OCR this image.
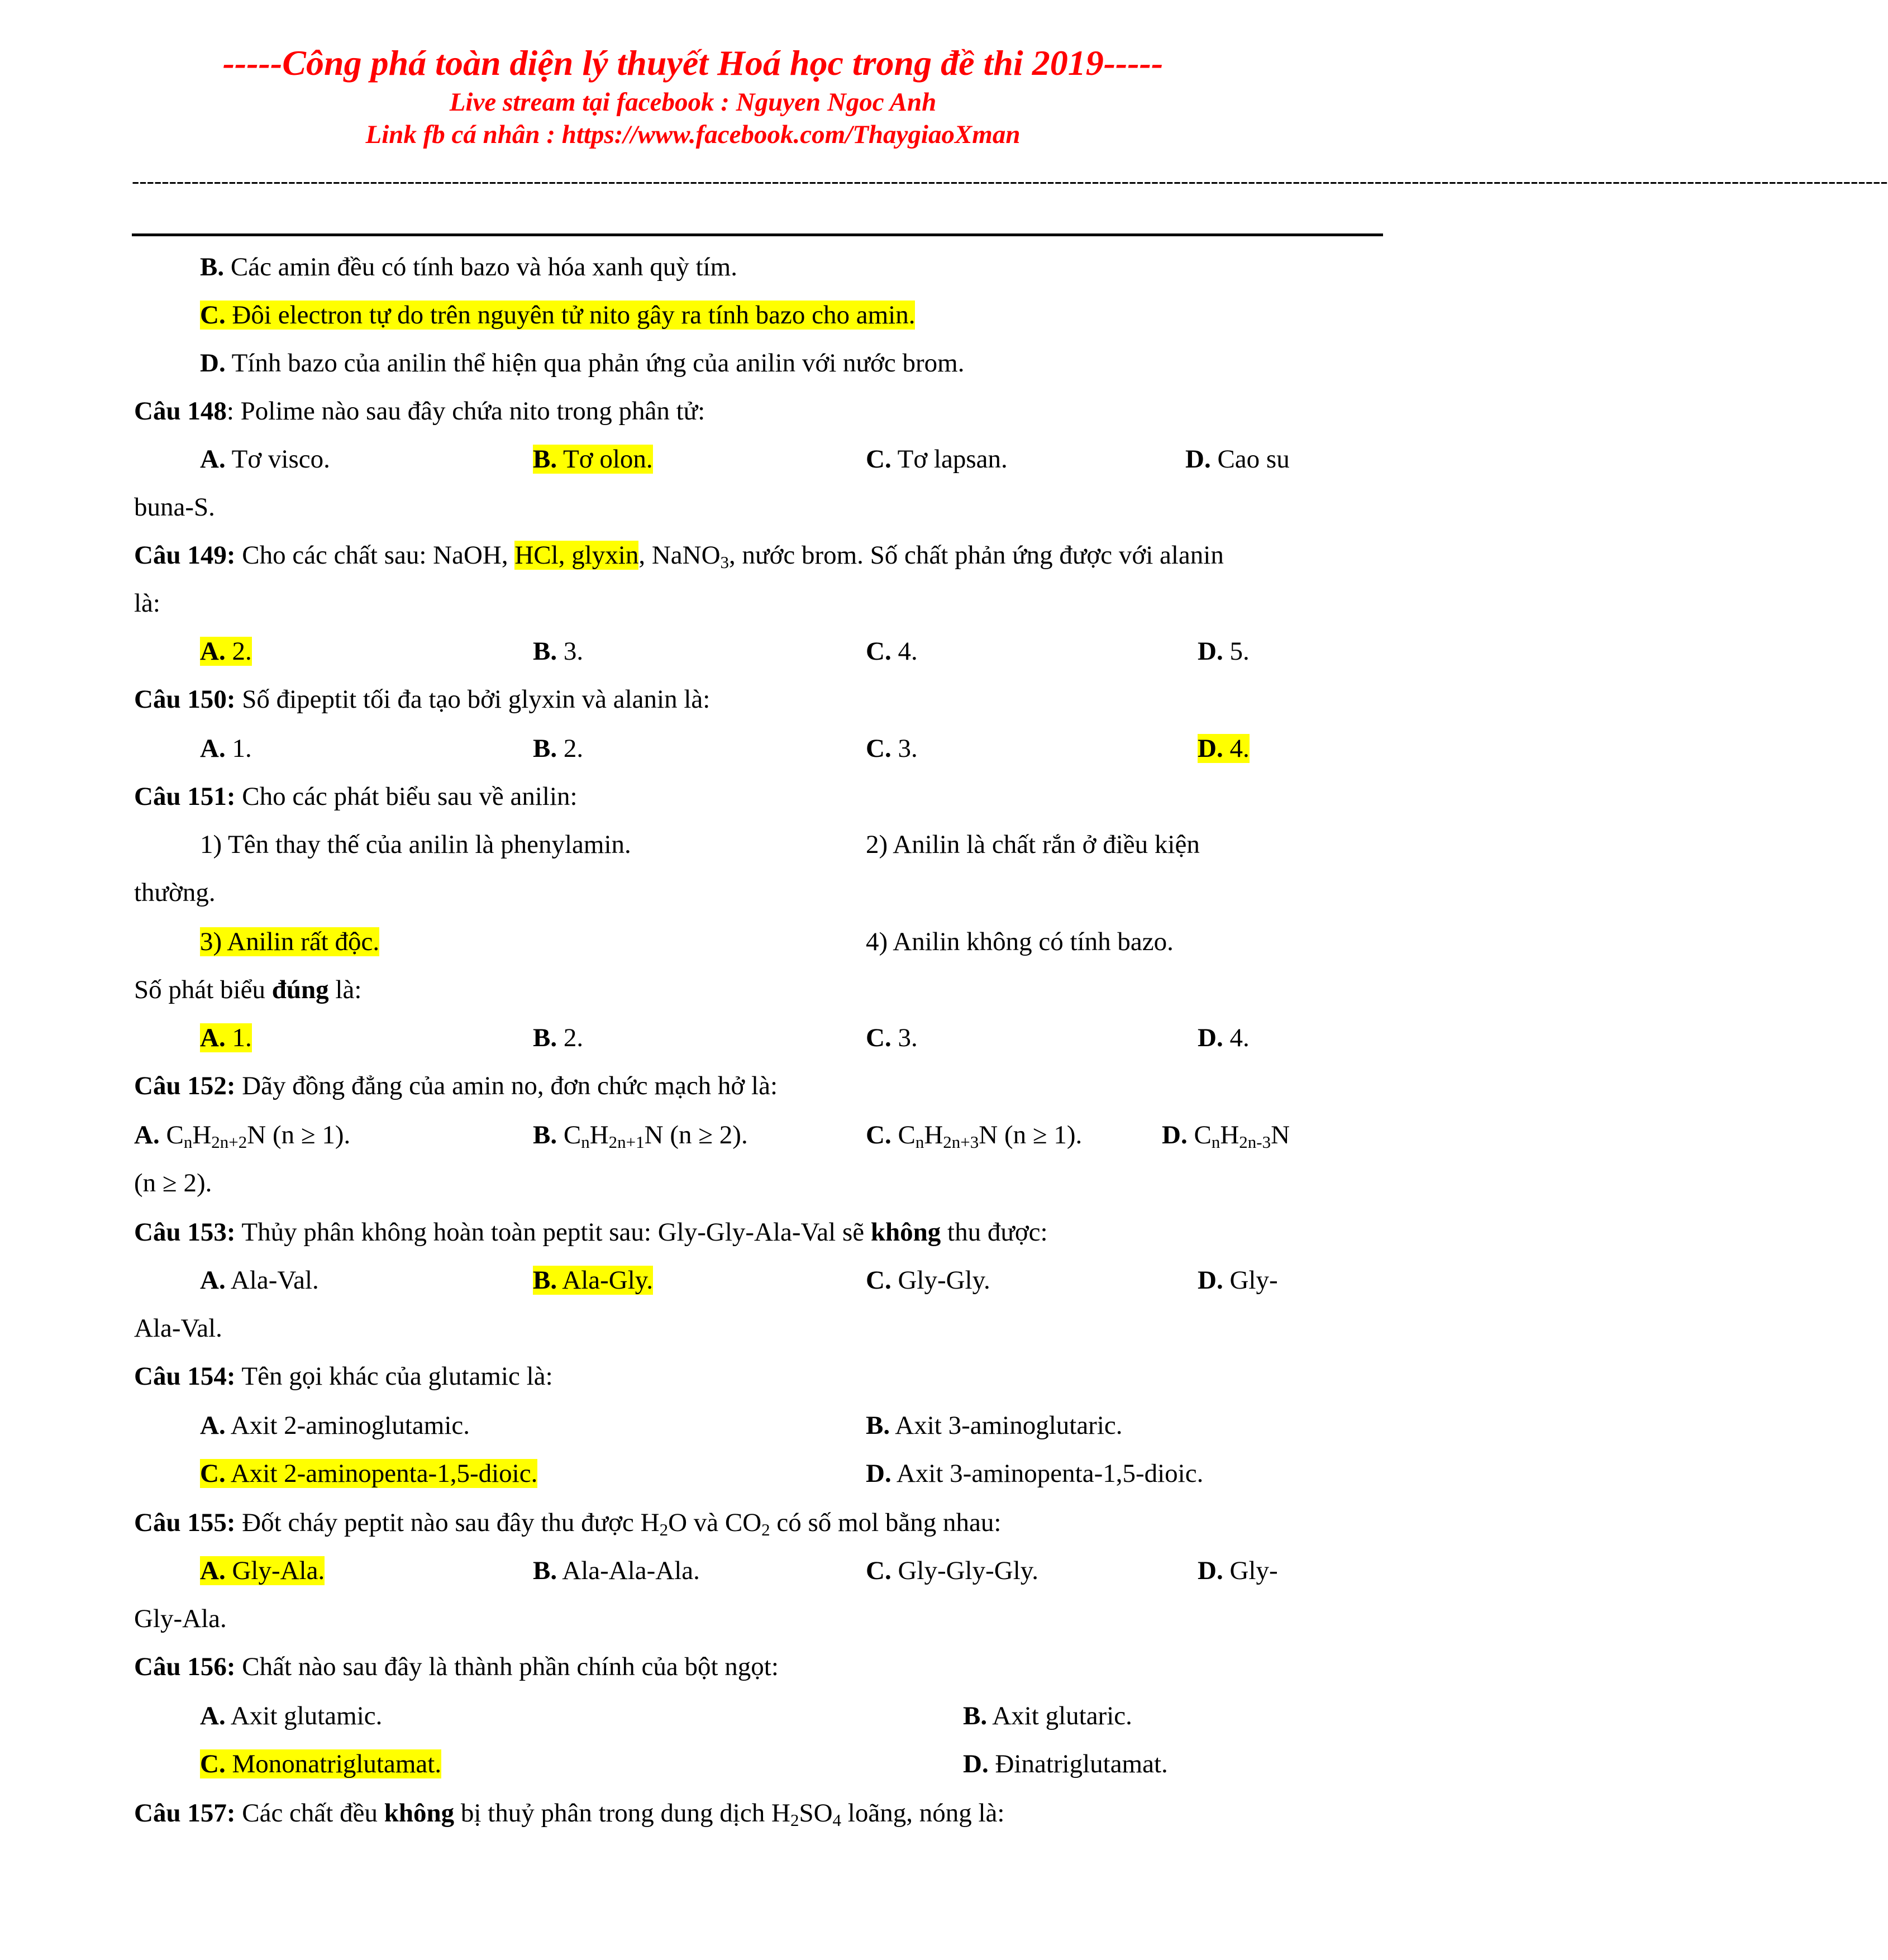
-----Công phá toàn diện lý thuyết Hoá học trong đề thi 2019-----
Live stream tại facebook : Nguyen Ngoc Anh
Link fb cá nhân : https://www.facebook.com/ThaygiaoXman
--------------------------------------------------------------------------------------------------------------------------------------------------------------------------------------------------------------------------------------------
B. Các amin đều có tính bazo và hóa xanh quỳ tím.
C. Đôi electron tự do trên nguyên tử nito gây ra tính bazo cho amin.
D. Tính bazo của anilin thể hiện qua phản ứng của anilin với nước brom.
Câu 148: Polime nào sau đây chứa nito trong phân tử:
A. Tơ visco.	B. Tơ olon.	C. Tơ lapsan.	D. Cao su
buna-S.
Câu 149: Cho các chất sau: NaOH, HCl, glyxin, NaNO$_3$, nước brom. Số chất phản ứng được với alanin
là:
A. 2.	B. 3.	C. 4.	D. 5.
Câu 150: Số đipeptit tối đa tạo bởi glyxin và alanin là:
A. 1.	B. 2.	C. 3.	D. 4.
Câu 151: Cho các phát biểu sau về anilin:
1) Tên thay thế của anilin là phenylamin.	2) Anilin là chất rắn ở điều kiện
thường.
3) Anilin rất độc.	4) Anilin không có tính bazo.
Số phát biểu đúng là:
A. 1.	B. 2.	C. 3.	D. 4.
Câu 152: Dãy đồng đẳng của amin no, đơn chức mạch hở là:
A. $C_nH_{2n+2}N$ (n ≥ 1).	B. $C_nH_{2n+1}N$ (n ≥ 2).	C. $C_nH_{2n+3}N$ (n ≥ 1).	D. $C_nH_{2n-3}N$
(n ≥ 2).
Câu 153: Thủy phân không hoàn toàn peptit sau: Gly-Gly-Ala-Val sẽ không thu được:
A. Ala-Val.	B. Ala-Gly.	C. Gly-Gly.	D. Gly-
Ala-Val.
Câu 154: Tên gọi khác của glutamic là:
A. Axit 2-aminoglutamic.	B. Axit 3-aminoglutaric.
C. Axit 2-aminopenta-1,5-dioic.	D. Axit 3-aminopenta-1,5-dioic.
Câu 155: Đốt cháy peptit nào sau đây thu được $H_2O$ và $CO_2$ có số mol bằng nhau:
A. Gly-Ala.	B. Ala-Ala-Ala.	C. Gly-Gly-Gly.	D. Gly-
Gly-Ala.
Câu 156: Chất nào sau đây là thành phần chính của bột ngọt:
A. Axit glutamic.	B. Axit glutaric.
C. Mononatriglutamat.	D. Đinatriglutamat.
Câu 157: Các chất đều không bị thuỷ phân trong dung dịch $H_2SO_4$ loãng, nóng là:
